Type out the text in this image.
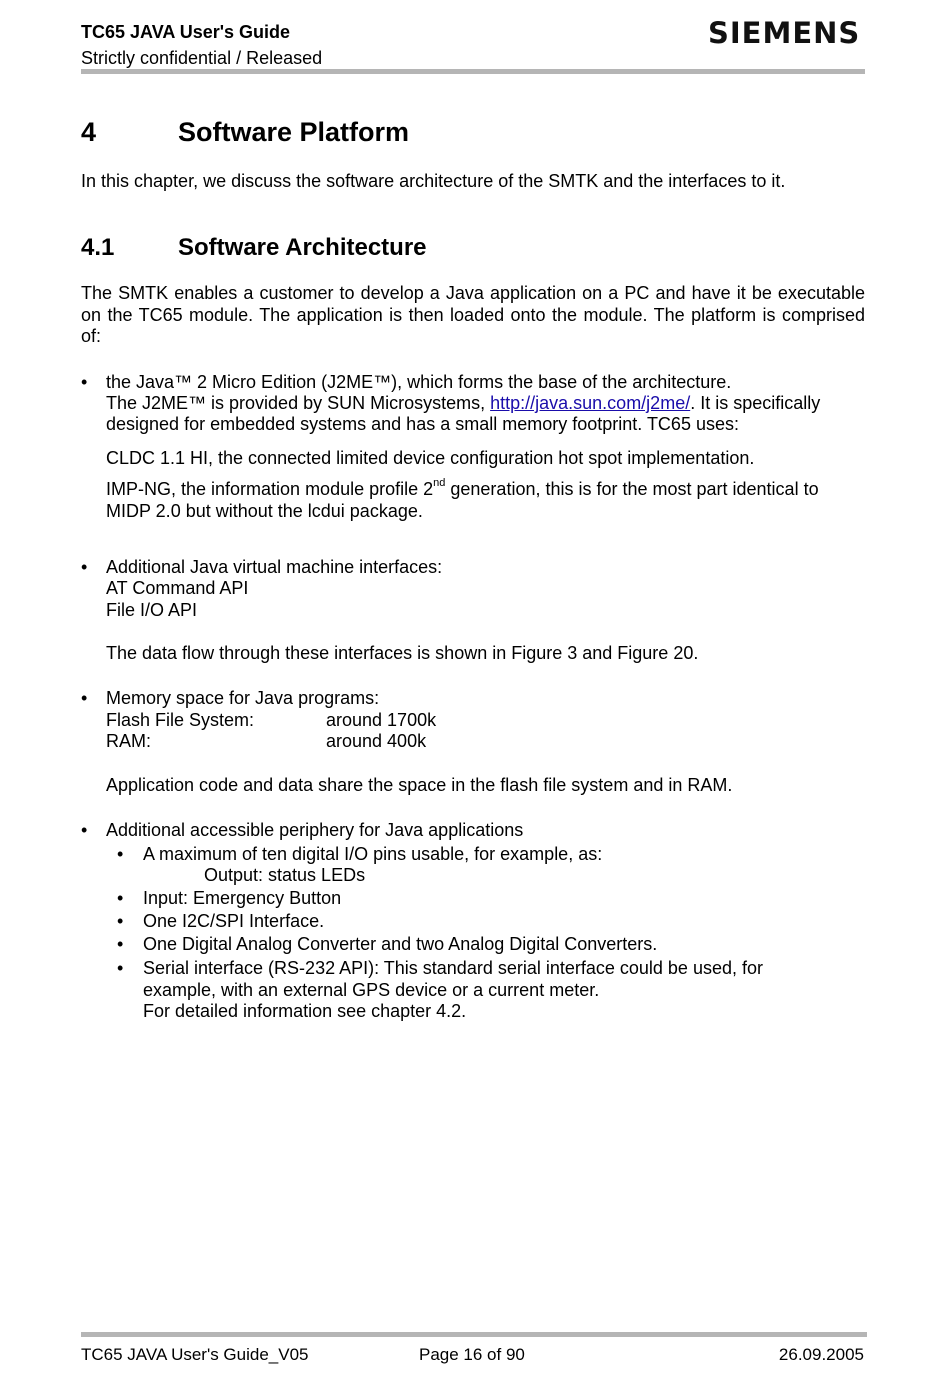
TC65 JAVA User's Guide
Strictly confidential / Released
SIEMENS
4	Software Platform
In this chapter, we discuss the software architecture of the SMTK and the interfaces to it.
4.1	Software Architecture
The SMTK enables a customer to develop a Java application on a PC and have it be executable on the TC65 module. The application is then loaded onto the module. The platform is comprised of:
• the Java™ 2 Micro Edition (J2ME™), which forms the base of the architecture.
The J2ME™ is provided by SUN Microsystems, http://java.sun.com/j2me/. It is specifically
designed for embedded systems and has a small memory footprint. TC65 uses:
CLDC 1.1 HI, the connected limited device configuration hot spot implementation.
IMP-NG, the information module profile 2nd generation, this is for the most part identical to
MIDP 2.0 but without the lcdui package.
• Additional Java virtual machine interfaces:
AT Command API
File I/O API
The data flow through these interfaces is shown in Figure 3 and Figure 20.
• Memory space for Java programs:
Flash File System:	around 1700k
RAM:	around 400k
Application code and data share the space in the flash file system and in RAM.
• Additional accessible periphery for Java applications
• A maximum of ten digital I/O pins usable, for example, as:
Output: status LEDs
• Input: Emergency Button
• One I2C/SPI Interface.
• One Digital Analog Converter and two Analog Digital Converters.
• Serial interface (RS-232 API): This standard serial interface could be used, for
example, with an external GPS device or a current meter.
For detailed information see chapter 4.2.
TC65 JAVA User's Guide_V05	Page 16 of 90	26.09.2005
